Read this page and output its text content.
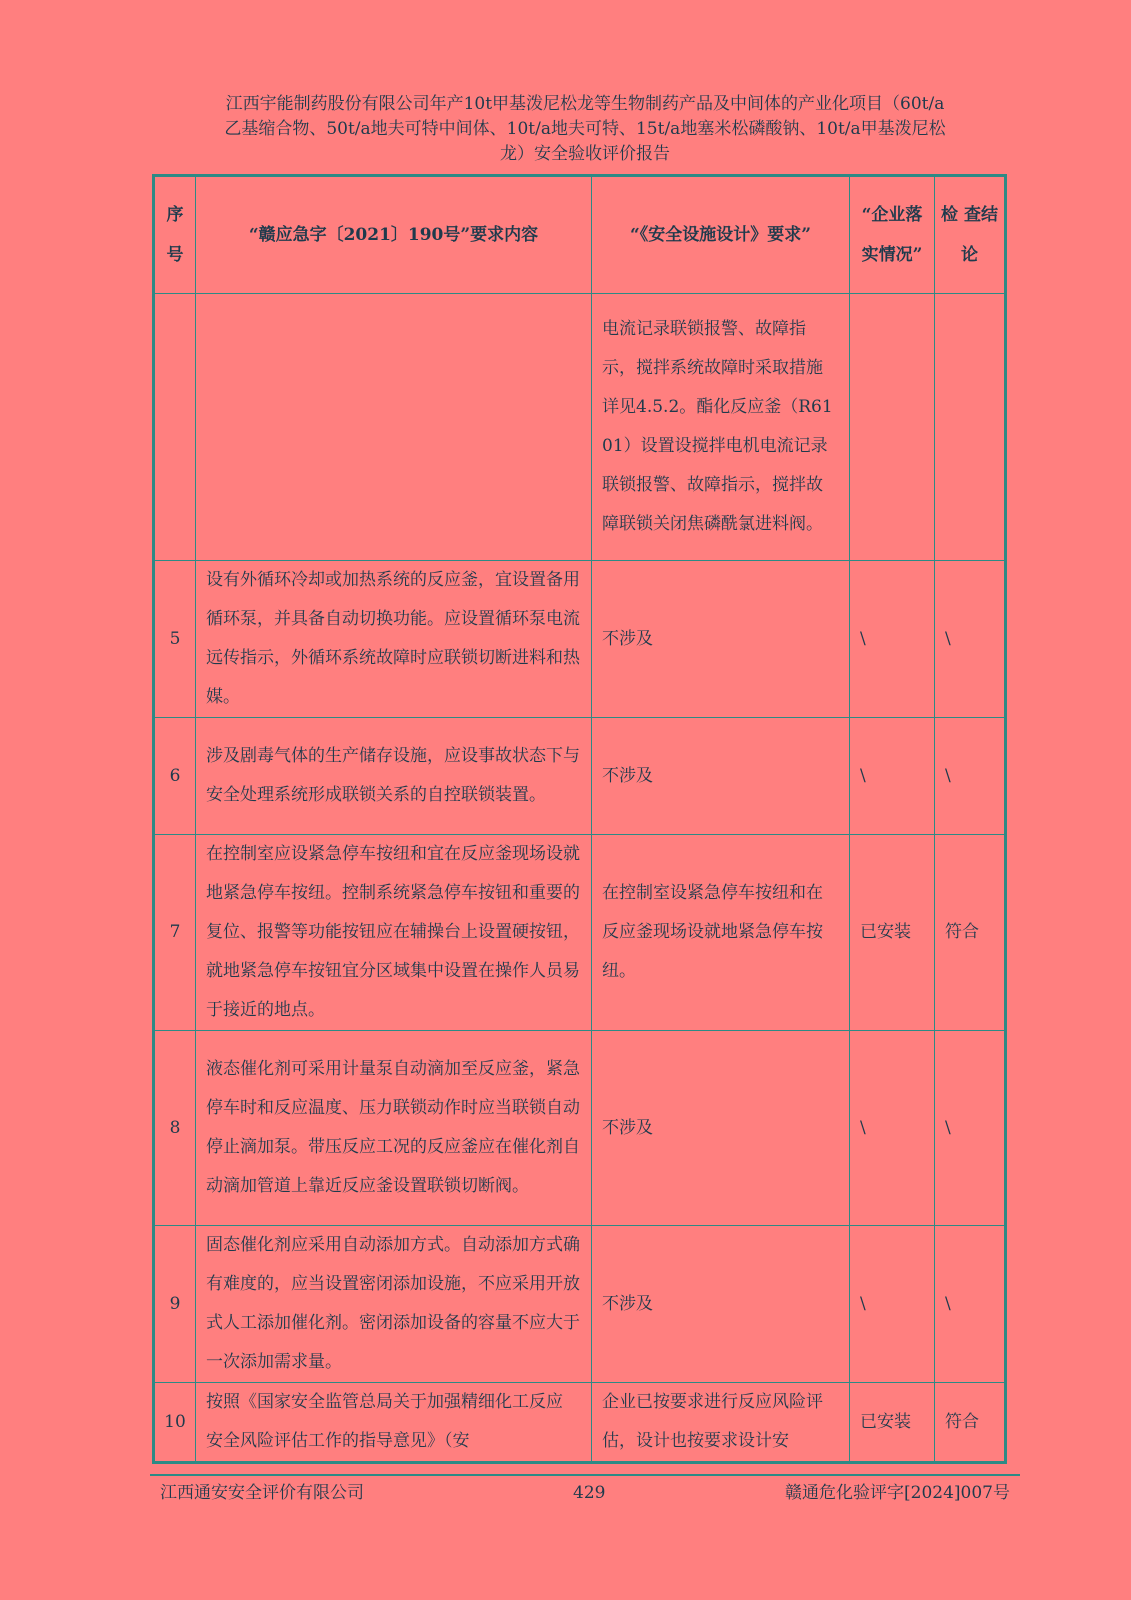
江西宇能制药股份有限公司年产10t甲基泼尼松龙等生物制药产品及中间体的产业化项目（60t/a
乙基缩合物、50t/a地夫可特中间体、10t/a地夫可特、15t/a地塞米松磷酸钠、10t/a甲基泼尼松
龙）安全验收评价报告
序号	“赣应急字〔2021〕190号”要求内容	“《安全设施设计》要求”	“企业落实情况”	检 查结论
		电流记录联锁报警、故障指示，搅拌系统故障时采取措施详见4.5.2。酯化反应釜（R6101）设置设搅拌电机电流记录联锁报警、故障指示，搅拌故障联锁关闭焦磷酰氯进料阀。		
5	设有外循环冷却或加热系统的反应釜，宜设置备用循环泵，并具备自动切换功能。应设置循环泵电流远传指示，外循环系统故障时应联锁切断进料和热媒。	不涉及	\	\
6	涉及剧毒气体的生产储存设施，应设事故状态下与安全处理系统形成联锁关系的自控联锁装置。	不涉及	\	\
7	在控制室应设紧急停车按纽和宜在反应釜现场设就地紧急停车按纽。控制系统紧急停车按钮和重要的复位、报警等功能按钮应在辅操台上设置硬按钮，就地紧急停车按钮宜分区域集中设置在操作人员易于接近的地点。	在控制室设紧急停车按纽和在反应釜现场设就地紧急停车按纽。	已安装	符合
8	液态催化剂可采用计量泵自动滴加至反应釜，紧急停车时和反应温度、压力联锁动作时应当联锁自动停止滴加泵。带压反应工况的反应釜应在催化剂自动滴加管道上靠近反应釜设置联锁切断阀。	不涉及	\	\
9	固态催化剂应采用自动添加方式。自动添加方式确有难度的，应当设置密闭添加设施，不应采用开放式人工添加催化剂。密闭添加设备的容量不应大于一次添加需求量。	不涉及	\	\
10	按照《国家安全监管总局关于加强精细化工反应 安全风险评估工作的指导意见》（安	企业已按要求进行反应风险评估，设计也按要求设计安	已安装	符合
江西通安安全评价有限公司	429	赣通危化验评字[2024]007号
